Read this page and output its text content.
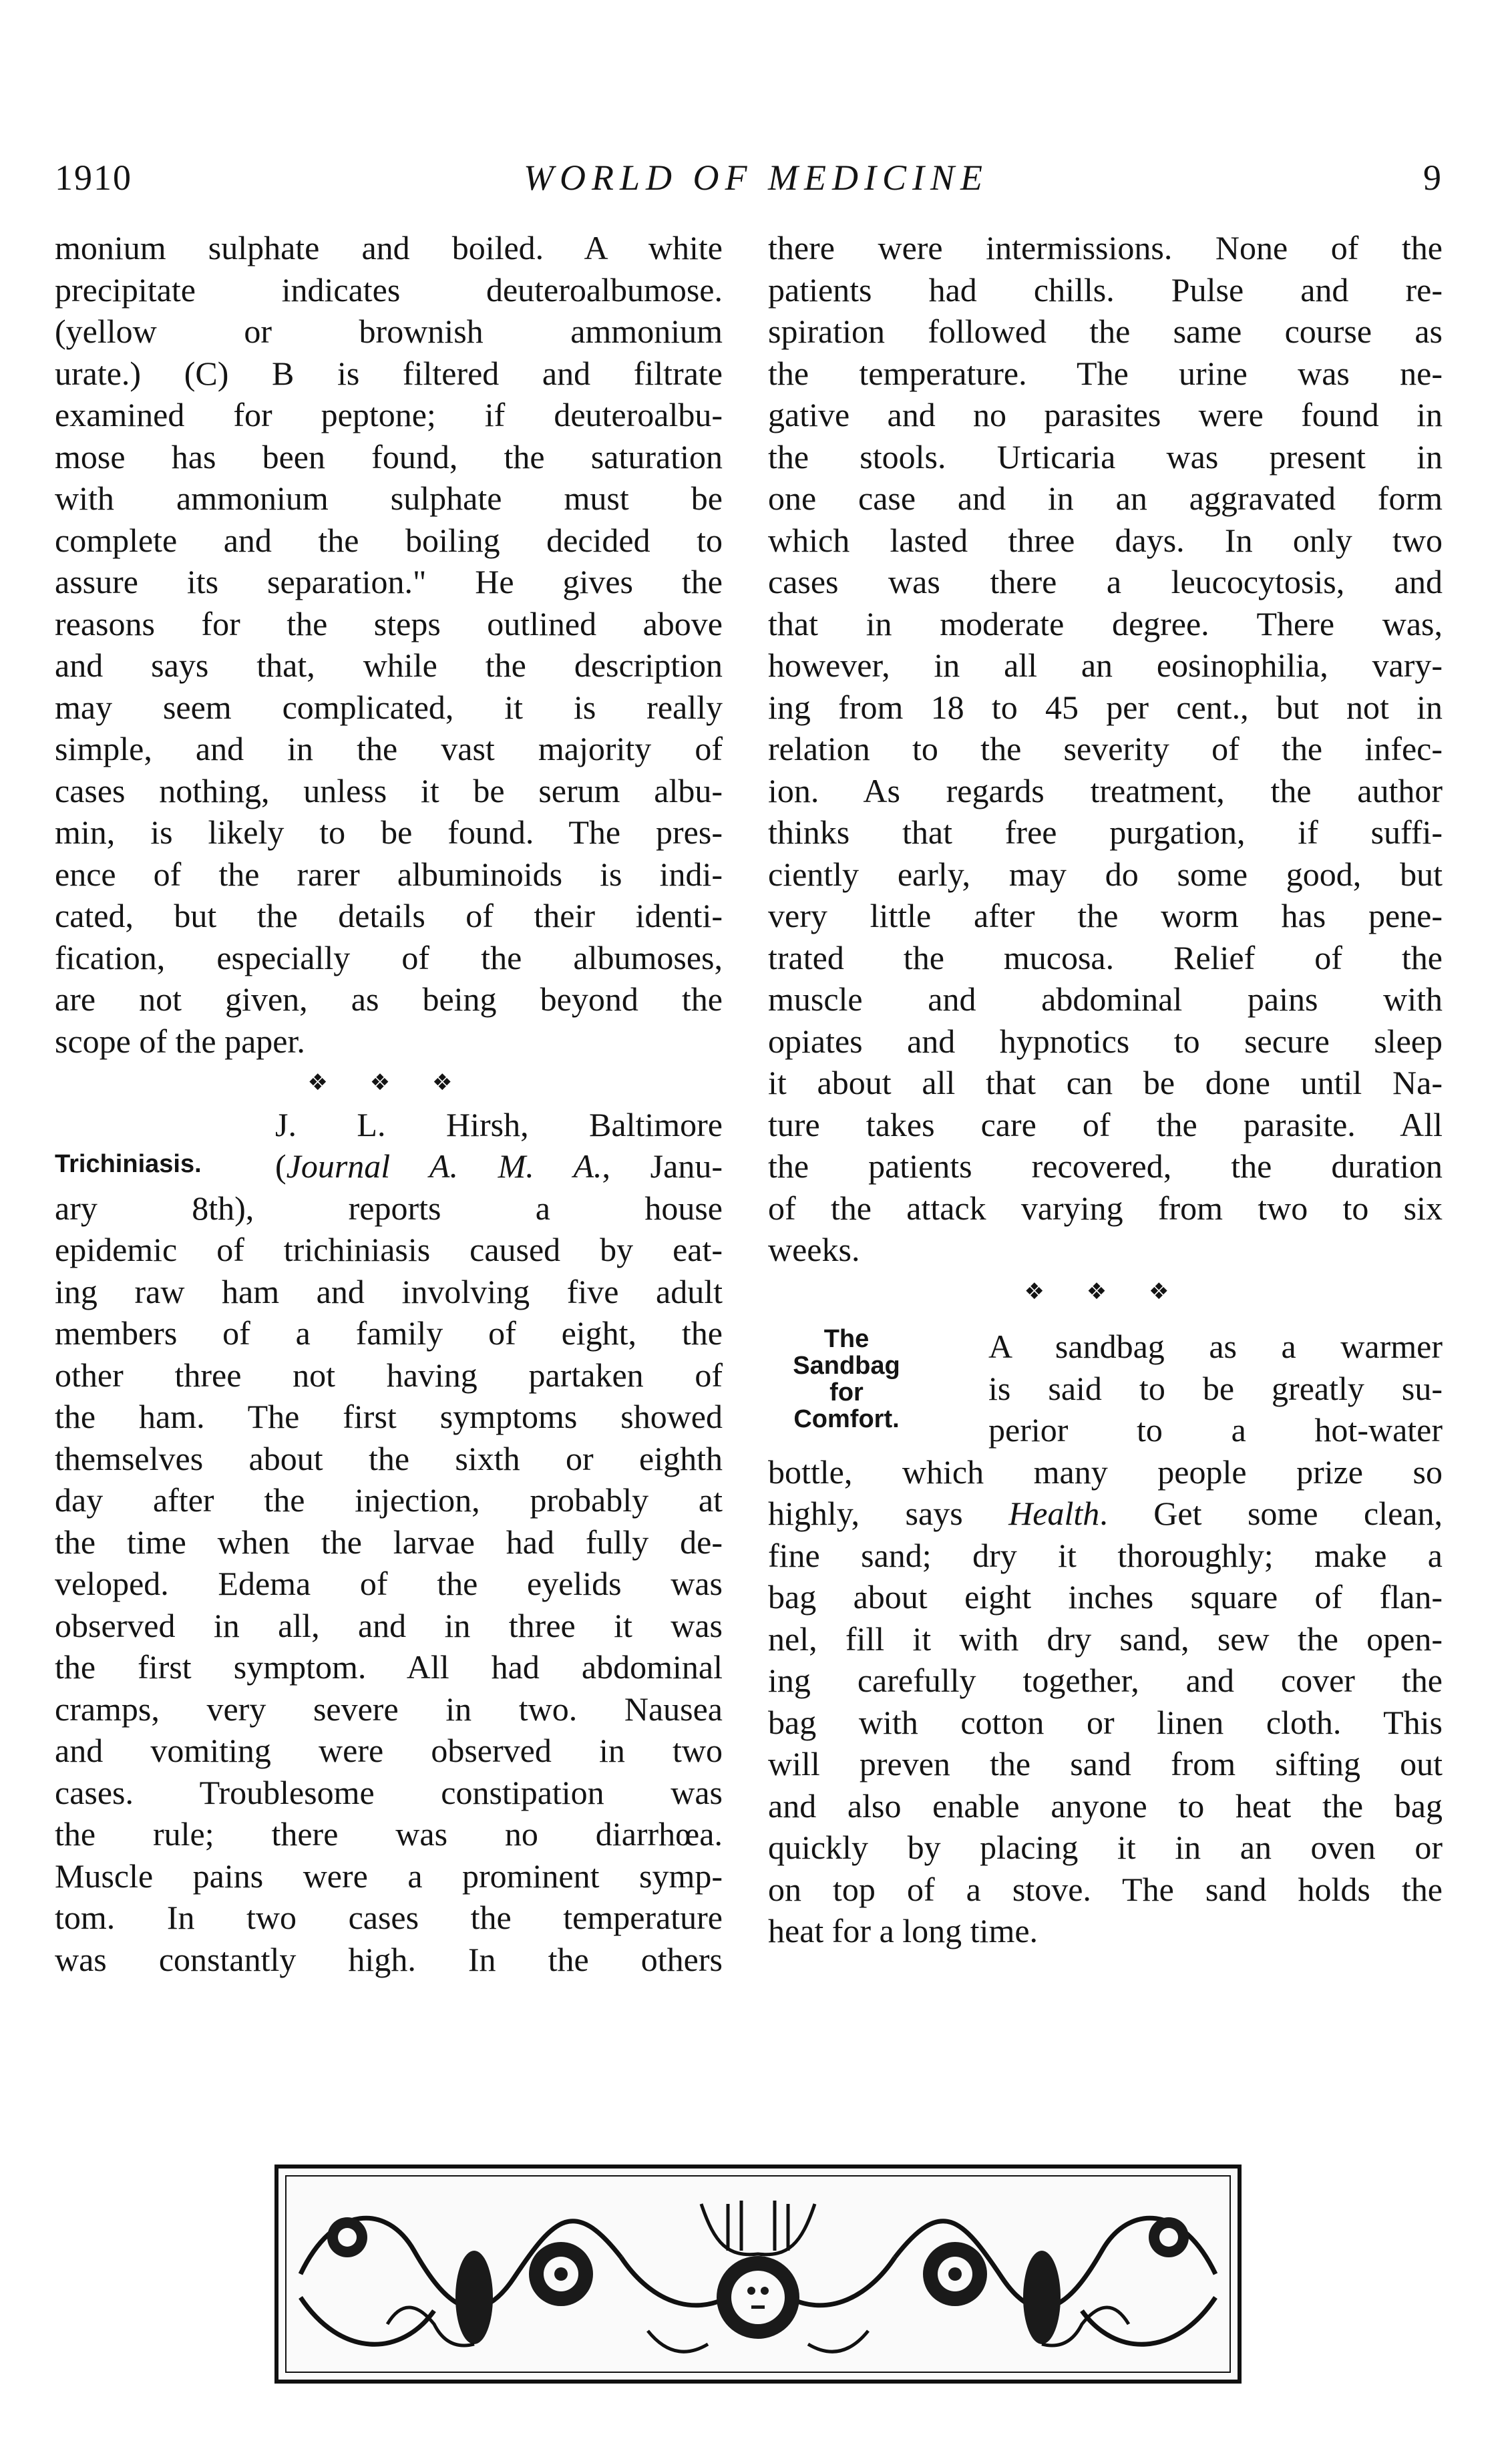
1910	WORLD OF MEDICINE	9
monium sulphate and boiled. A white
precipitate indicates deuteroalbumose.
(yellow or brownish ammonium
urate.) (C) B is filtered and filtrate
examined for peptone; if deuteroalbu-
mose has been found, the saturation
with ammonium sulphate must be
complete and the boiling decided to
assure its separation." He gives the
reasons for the steps outlined above
and says that, while the description
may seem complicated, it is really
simple, and in the vast majority of
cases nothing, unless it be serum albu-
min, is likely to be found. The pres-
ence of the rarer albuminoids is indi-
cated, but the details of their identi-
fication, especially of the albumoses,
are not given, as being beyond the
scope of the paper.
❖ ❖ ❖
J. L. Hirsh, Baltimore
(Journal A. M. A., Janu-
Trichiniasis.
ary 8th), reports a house
epidemic of trichiniasis caused by eat-
ing raw ham and involving five adult
members of a family of eight, the
other three not having partaken of
the ham. The first symptoms showed
themselves about the sixth or eighth
day after the injection, probably at
the time when the larvae had fully de-
veloped. Edema of the eyelids was
observed in all, and in three it was
the first symptom. All had abdominal
cramps, very severe in two. Nausea
and vomiting were observed in two
cases. Troublesome constipation was
the rule; there was no diarrhœa.
Muscle pains were a prominent symp-
tom. In two cases the temperature
was constantly high. In the others
there were intermissions. None of the
patients had chills. Pulse and re-
spiration followed the same course as
the temperature. The urine was ne-
gative and no parasites were found in
the stools. Urticaria was present in
one case and in an aggravated form
which lasted three days. In only two
cases was there a leucocytosis, and
that in moderate degree. There was,
however, in all an eosinophilia, vary-
ing from 18 to 45 per cent., but not in
relation to the severity of the infec-
ion. As regards treatment, the author
thinks that free purgation, if suffi-
ciently early, may do some good, but
very little after the worm has pene-
trated the mucosa. Relief of the
muscle and abdominal pains with
opiates and hypnotics to secure sleep
it about all that can be done until Na-
ture takes care of the parasite. All
the patients recovered, the duration
of the attack varying from two to six
weeks.
❖ ❖ ❖
The
Sandbag
for
Comfort.
A sandbag as a warmer
is said to be greatly su-
perior to a hot-water
bottle, which many people prize so
highly, says Health. Get some clean,
fine sand; dry it thoroughly; make a
bag about eight inches square of flan-
nel, fill it with dry sand, sew the open-
ing carefully together, and cover the
bag with cotton or linen cloth. This
will preven the sand from sifting out
and also enable anyone to heat the bag
quickly by placing it in an oven or
on top of a stove. The sand holds the
heat for a long time.
